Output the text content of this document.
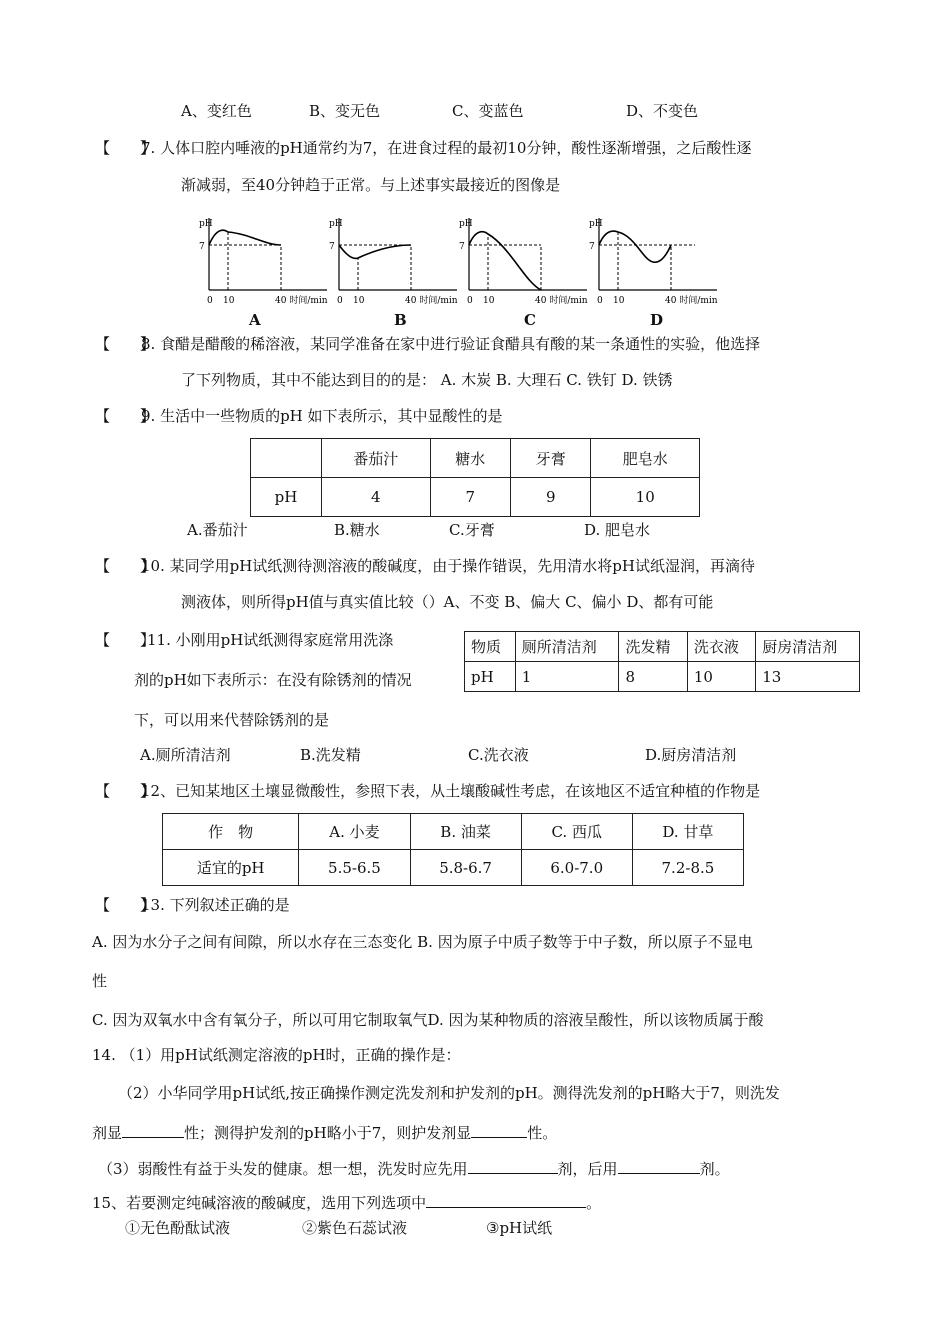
A、变红色	B、变无色	C、变蓝色	D、不变色
【　　】7. 人体口腔内唾液的pH通常约为7，在进食过程的最初10分钟，酸性逐渐增强，之后酸性逐
渐减弱，至40分钟趋于正常。与上述事实最接近的图像是
pH
7
0 10	40 时间/min
A
pH
7
0 10	40 时间/min
B
pH
7
0 10	40 时间/min
C
pH
7
0 10	40 时间/min
D
【　　】8. 食醋是醋酸的稀溶液，某同学准备在家中进行验证食醋具有酸的某一条通性的实验，他选择
了下列物质，其中不能达到目的的是： A. 木炭 B. 大理石 C. 铁钉 D. 铁锈
【　　】9. 生活中一些物质的pH 如下表所示，其中显酸性的是
	番茄汁	糖水	牙膏	肥皂水
pH	4	7	9	10
A.番茄汁	B.糖水	C.牙膏	D. 肥皂水
【　　】10. 某同学用pH试纸测待测溶液的酸碱度，由于操作错误，先用清水将pH试纸湿润，再滴待
测液体，则所得pH值与真实值比较（）A、不变 B、偏大 C、偏小 D、都有可能
【　　】11. 小刚用pH试纸测得家庭常用洗涤
剂的pH如下表所示：在没有除锈剂的情况
下，可以用来代替除锈剂的是
物质	厕所清洁剂	洗发精	洗衣液	厨房清洁剂
pH	1	8	10	13
A.厕所清洁剂	B.洗发精	C.洗衣液	D.厨房清洁剂
【　　】12、已知某地区土壤显微酸性，参照下表，从土壤酸碱性考虑，在该地区不适宜种植的作物是
作　物	A. 小麦	B. 油菜	C. 西瓜	D. 甘草
适宜的pH	5.5-6.5	5.8-6.7	6.0-7.0	7.2-8.5
【　　】13. 下列叙述正确的是
A. 因为水分子之间有间隙，所以水存在三态变化 B. 因为原子中质子数等于中子数，所以原子不显电
性
C. 因为双氧水中含有氧分子，所以可用它制取氧气D. 因为某种物质的溶液呈酸性，所以该物质属于酸
14. （1）用pH试纸测定溶液的pH时，正确的操作是：
（2）小华同学用pH试纸,按正确操作测定洗发剂和护发剂的pH。测得洗发剂的pH略大于7，则洗发
剂显	性；测得护发剂的pH略小于7，则护发剂显	性。
（3）弱酸性有益于头发的健康。想一想，洗发时应先用	剂，后用	剂。
15、若要测定纯碱溶液的酸碱度，选用下列选项中	。
①无色酚酞试液	②紫色石蕊试液	③pH试纸
